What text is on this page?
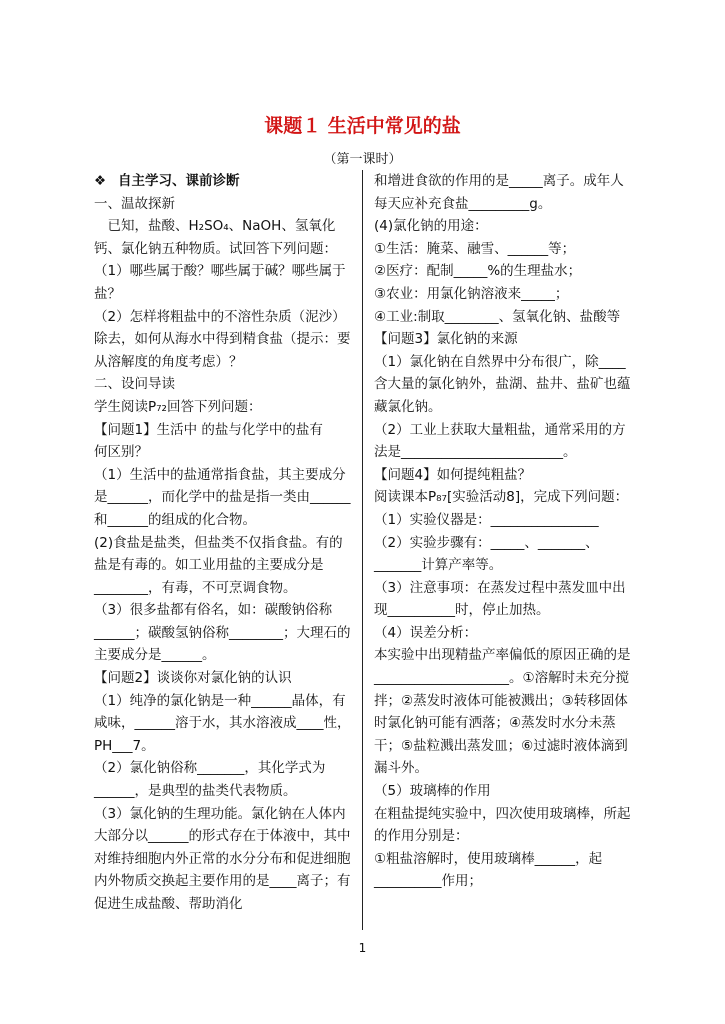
课题１ 生活中常见的盐
（第一课时）

❖ 自主学习、课前诊断

一、温故探新

　已知，盐酸、H₂SO₄、NaOH、氢氧化钙、氯化钠五种物质。试回答下列问题：

（1）哪些属于酸？哪些属于碱？哪些属于盐？

（2）怎样将粗盐中的不溶性杂质（泥沙）除去，如何从海水中得到精食盐（提示：要从溶解度的角度考虑）？

二、设问导读

学生阅读P₇₂回答下列问题：

【问题1】生活中 的盐与化学中的盐有　　何区别？

（1）生活中的盐通常指食盐，其主要成分是______，而化学中的盐是指一类由______和______的组成的化合物。

(2)食盐是盐类，但盐类不仅指食盐。有的盐是有毒的。如工业用盐的主要成分是________，有毒，不可烹调食物。

（3）很多盐都有俗名，如：碳酸钠俗称______；碳酸氢钠俗称________；大理石的主要成分是______。

【问题2】谈谈你对氯化钠的认识

（1）纯净的氯化钠是一种______晶体，有咸味，______溶于水，其水溶液成____性，PH___7。

（2）氯化钠俗称_______，其化学式为______，是典型的盐类代表物质。

（3）氯化钠的生理功能。氯化钠在人体内大部分以______的形式存在于体液中，其中对维持细胞内外正常的水分分布和促进细胞内外物质交换起主要作用的是____离子；有促进生成盐酸、帮助消化

和增进食欲的作用的是_____离子。成年人每天应补充食盐_________g。

(4)氯化钠的用途：

①生活：腌菜、融雪、______等；

②医疗：配制_____%的生理盐水；

③农业：用氯化钠溶液来_____；

④工业:制取________、氢氧化钠、盐酸等

【问题3】氯化钠的来源

（1）氯化钠在自然界中分布很广，除____含大量的氯化钠外，盐湖、盐井、盐矿也蕴藏氯化钠。

（2）工业上获取大量粗盐，通常采用的方法是________________________。

【问题4】如何提纯粗盐？

阅读课本P₈₇[实验活动8]，完成下列问题：

（1）实验仪器是：________________

（2）实验步骤有：_____、_______、_______计算产率等。

（3）注意事项：在蒸发过程中蒸发皿中出现__________时，停止加热。

（4）误差分析：

本实验中出现精盐产率偏低的原因正确的是____________________。①溶解时未充分搅拌；②蒸发时液体可能被溅出；③转移固体时氯化钠可能有洒落；④蒸发时水分未蒸干；⑤盐粒溅出蒸发皿；⑥过滤时液体滴到漏斗外。

（5）玻璃棒的作用

在粗盐提纯实验中，四次使用玻璃棒，所起的作用分别是：

①粗盐溶解时，使用玻璃棒______，起__________作用；

1
